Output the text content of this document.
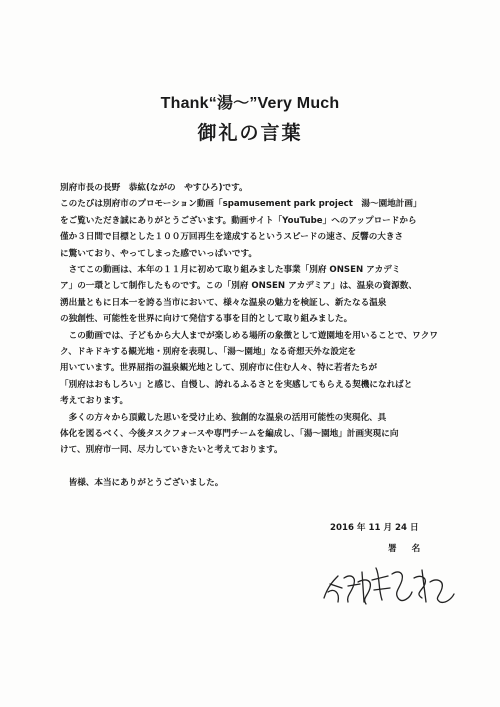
Thank“湯～”Very Much
御礼の言葉
別府市長の長野　恭紘(ながの　やすひろ)です。
このたびは別府市のプロモーション動画「spamusement park project　湯～園地計画」
をご覧いただき誠にありがとうございます。動画サイト「YouTube」へのアップロードから
僅か３日間で目標とした１００万回再生を達成するというスピードの速さ、反響の大きさ
に驚いており、やってしまった感でいっぱいです。
　さてこの動画は、本年の１１月に初めて取り組みました事業「別府 ONSEN アカデミ
ア」の一環として制作したものです。この「別府 ONSEN アカデミア」は、温泉の資源数、
湧出量ともに日本一を誇る当市において、様々な温泉の魅力を検証し、新たなる温泉
の独創性、可能性を世界に向けて発信する事を目的として取り組みました。
　この動画では、子どもから大人までが楽しめる場所の象徴として遊園地を用いることで、ワクワク、ドキドキする観光地・別府を表現し、「湯～園地」なる奇想天外な設定を
用いています。世界屈指の温泉観光地として、別府市に住む人々、特に若者たちが
「別府はおもしろい」と感じ、自慢し、誇れるふるさとを実感してもらえる契機になればと
考えております。
　多くの方々から頂戴した思いを受け止め、独創的な温泉の活用可能性の実現化、具
体化を図るべく、今後タスクフォースや専門チームを編成し、「湯～園地」計画実現に向
けて、別府市一同、尽力していきたいと考えております。
　皆様、本当にありがとうございました。
2016 年 11 月 24 日
署 名
